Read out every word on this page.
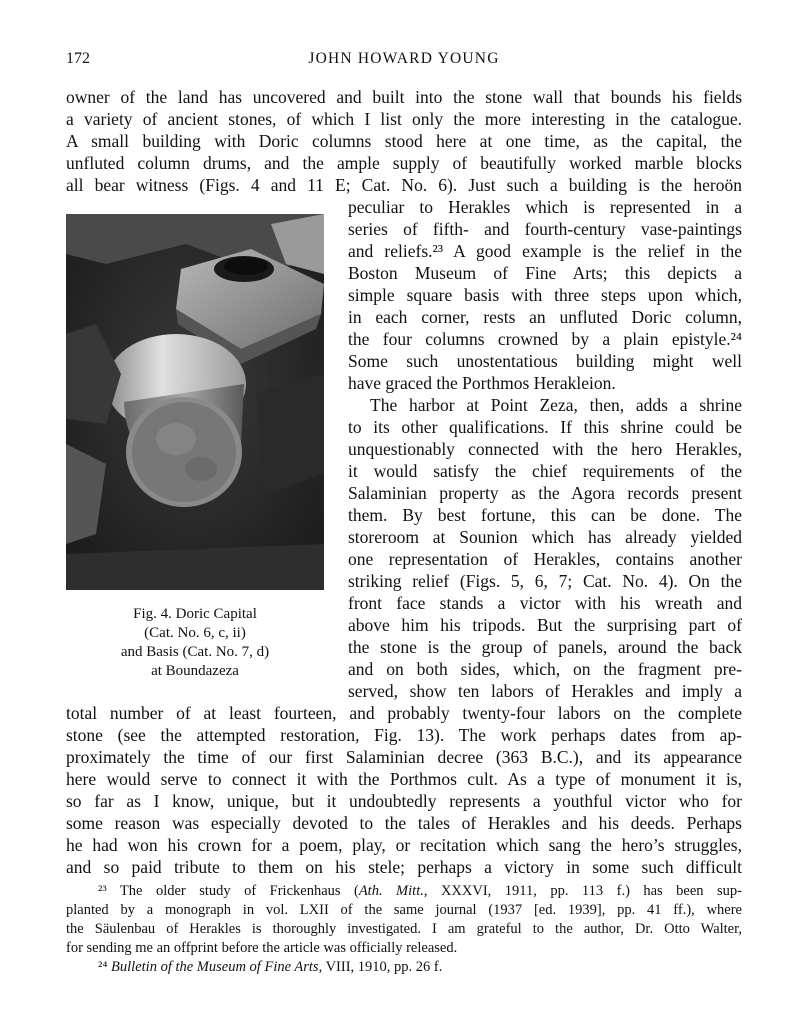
172	JOHN HOWARD YOUNG
owner of the land has uncovered and built into the stone wall that bounds his fields
a variety of ancient stones, of which I list only the more interesting in the catalogue.
A small building with Doric columns stood here at one time, as the capital, the
unfluted column drums, and the ample supply of beautifully worked marble blocks
all bear witness (Figs. 4 and 11 E; Cat. No. 6). Just such a building is the heroön
peculiar to Herakles which is represented in a
series of fifth- and fourth-century vase-paintings
and reliefs.²³ A good example is the relief in the
Boston Museum of Fine Arts; this depicts a
simple square basis with three steps upon which,
in each corner, rests an unfluted Doric column,
the four columns crowned by a plain epistyle.²⁴
Some such unostentatious building might well
have graced the Porthmos Herakleion.
The harbor at Point Zeza, then, adds a shrine
to its other qualifications. If this shrine could be
unquestionably connected with the hero Herakles,
it would satisfy the chief requirements of the
Salaminian property as the Agora records present
them. By best fortune, this can be done. The
storeroom at Sounion which has already yielded
one representation of Herakles, contains another
striking relief (Figs. 5, 6, 7; Cat. No. 4). On the
front face stands a victor with his wreath and
above him his tripods. But the surprising part of
the stone is the group of panels, around the back
and on both sides, which, on the fragment pre-
served, show ten labors of Herakles and imply a
total number of at least fourteen, and probably twenty-four labors on the complete
stone (see the attempted restoration, Fig. 13). The work perhaps dates from ap-
proximately the time of our first Salaminian decree (363 B.C.), and its appearance
here would serve to connect it with the Porthmos cult. As a type of monument it is,
so far as I know, unique, but it undoubtedly represents a youthful victor who for
some reason was especially devoted to the tales of Herakles and his deeds. Perhaps
he had won his crown for a poem, play, or recitation which sang the hero’s struggles,
and so paid tribute to them on his stele; perhaps a victory in some such difficult
Fig. 4. Doric Capital
(Cat. No. 6, c, ii)
and Basis (Cat. No. 7, d)
at Boundazeza
²³ The older study of Frickenhaus (Ath. Mitt., XXXVI, 1911, pp. 113 f.) has been sup-
planted by a monograph in vol. LXII of the same journal (1937 [ed. 1939], pp. 41 ff.), where
the Säulenbau of Herakles is thoroughly investigated. I am grateful to the author, Dr. Otto Walter,
for sending me an offprint before the article was officially released.
²⁴ Bulletin of the Museum of Fine Arts, VIII, 1910, pp. 26 f.
